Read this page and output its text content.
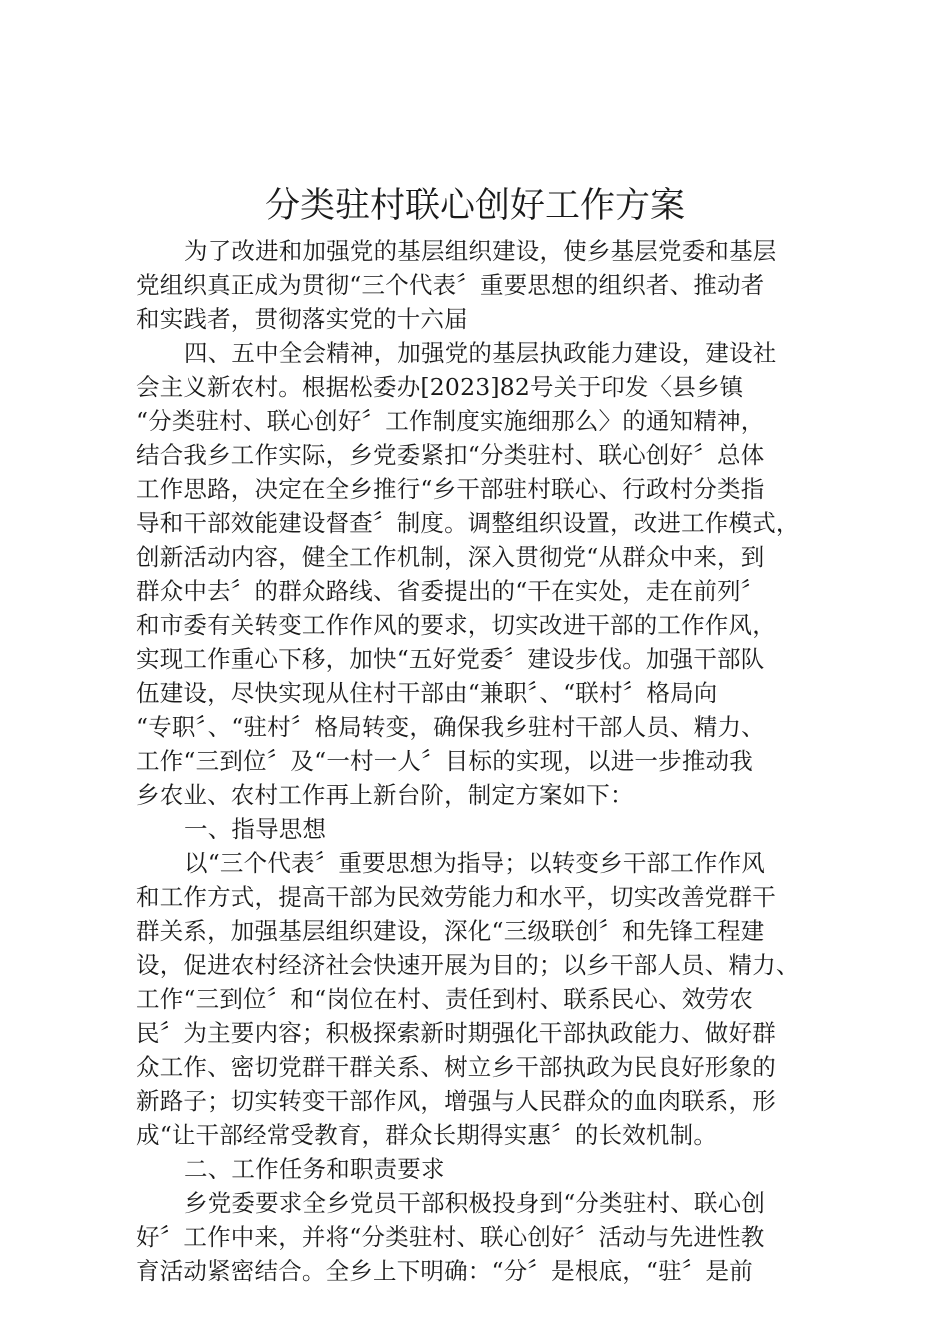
分类驻村联心创好工作方案
为了改进和加强党的基层组织建设，使乡基层党委和基层
党组织真正成为贯彻“三个代表〞重要思想的组织者、推动者
和实践者，贯彻落实党的十六届
四、五中全会精神，加强党的基层执政能力建设，建设社
会主义新农村。根据松委办[2023]82号关于印发〈县乡镇
“分类驻村、联心创好〞工作制度实施细那么〉的通知精神，
结合我乡工作实际，乡党委紧扣“分类驻村、联心创好〞总体
工作思路，决定在全乡推行“乡干部驻村联心、行政村分类指
导和干部效能建设督查〞制度。调整组织设置，改进工作模式，
创新活动内容，健全工作机制，深入贯彻党“从群众中来，到
群众中去〞的群众路线、省委提出的“干在实处，走在前列〞
和市委有关转变工作作风的要求，切实改进干部的工作作风，
实现工作重心下移，加快“五好党委〞建设步伐。加强干部队
伍建设，尽快实现从住村干部由“兼职〞、“联村〞格局向
“专职〞、“驻村〞格局转变，确保我乡驻村干部人员、精力、
工作“三到位〞及“一村一人〞目标的实现，以进一步推动我
乡农业、农村工作再上新台阶，制定方案如下：
一、指导思想
以“三个代表〞重要思想为指导；以转变乡干部工作作风
和工作方式，提高干部为民效劳能力和水平，切实改善党群干
群关系，加强基层组织建设，深化“三级联创〞和先锋工程建
设，促进农村经济社会快速开展为目的；以乡干部人员、精力、
工作“三到位〞和“岗位在村、责任到村、联系民心、效劳农
民〞为主要内容；积极探索新时期强化干部执政能力、做好群
众工作、密切党群干群关系、树立乡干部执政为民良好形象的
新路子；切实转变干部作风，增强与人民群众的血肉联系，形
成“让干部经常受教育，群众长期得实惠〞的长效机制。
二、工作任务和职责要求
乡党委要求全乡党员干部积极投身到“分类驻村、联心创
好〞工作中来，并将“分类驻村、联心创好〞活动与先进性教
育活动紧密结合。全乡上下明确：“分〞是根底，“驻〞是前
